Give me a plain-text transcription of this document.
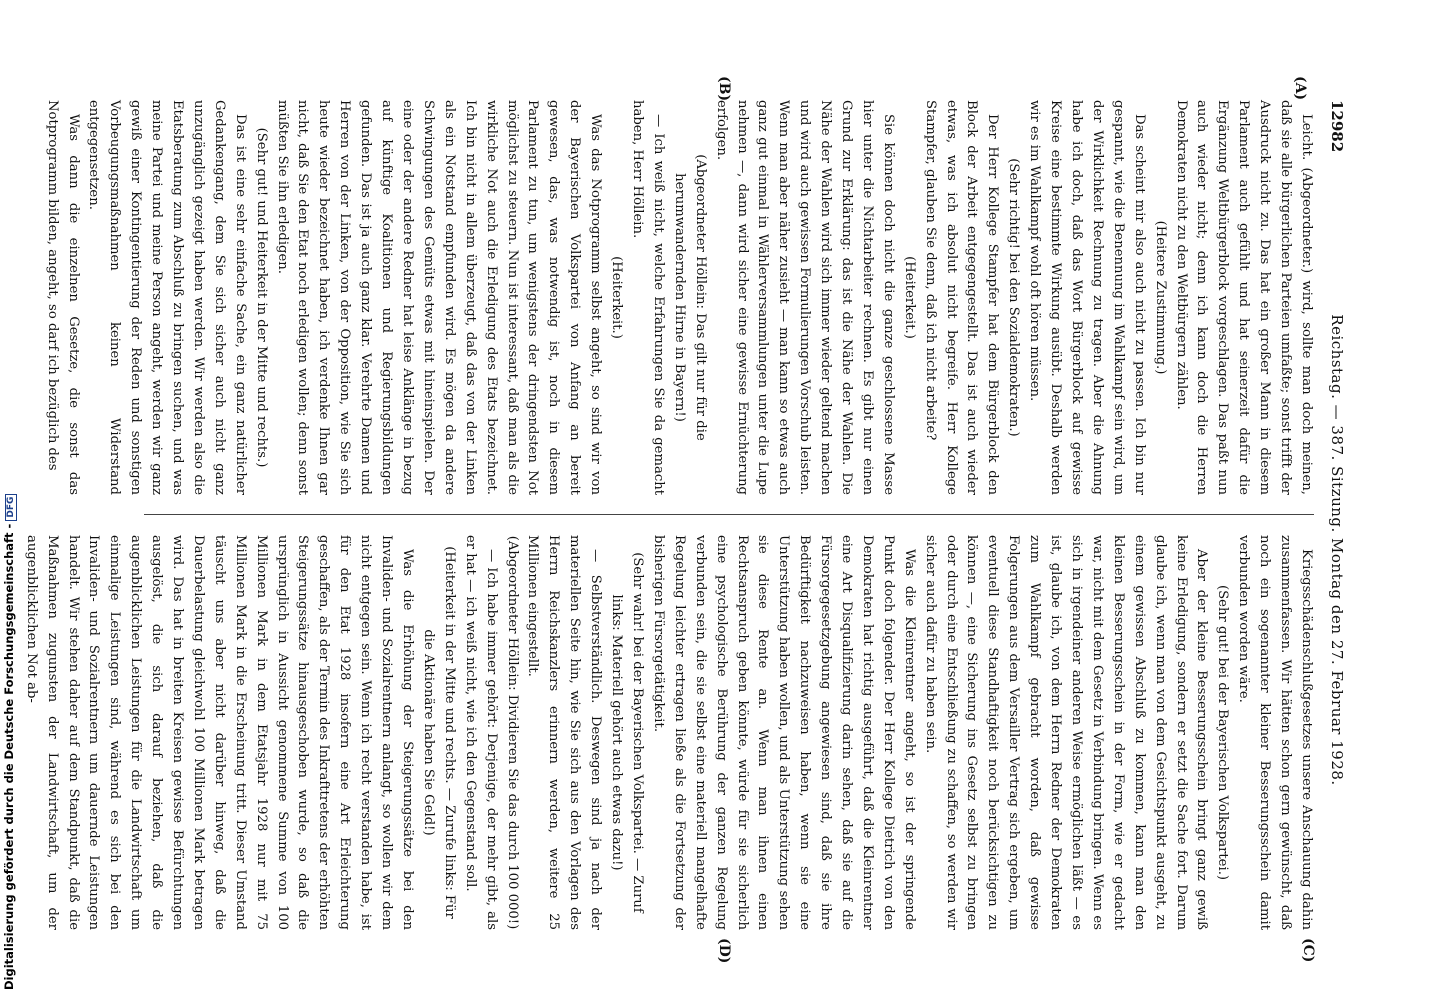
Digitalisierung gefördert durch die Deutsche Forschungsgemeinschaft -DFG
12982
Reichstag. — 387. Sitzung. Montag den 27. Februar 1928.
(A)
(B)
(C)
(D)

Leicht. (Abgeordneter.) wird, sollte man doch meinen, daß sie alle bürgerlichen Parteien umfaßte; sonst trifft der Ausdruck nicht zu. Das hat ein großer Mann in diesem Parlament auch gefühlt und hat seinerzeit dafür die Ergänzung Weltbürgerblock vorgeschlagen. Das paßt nun auch wieder nicht; denn ich kann doch die Herren Demokraten nicht zu den Weltbürgern zählen.

(Heitere Zustimmung.)

Das scheint mir also auch nicht zu passen. Ich bin nur gespannt, wie die Benennung im Wahlkampf sein wird, um der Wirklichkeit Rechnung zu tragen. Aber die Ahnung habe ich doch, daß das Wort Bürgerblock auf gewisse Kreise eine bestimmte Wirkung ausübt. Deshalb werden wir es im Wahlkampf wohl oft hören müssen.

(Sehr richtig! bei den Sozialdemokraten.)

Der Herr Kollege Stampfer hat dem Bürgerblock den Block der Arbeit entgegengestellt. Das ist auch wieder etwas, was ich absolut nicht begreife. Herr Kollege Stampfer, glauben Sie denn, daß ich nicht arbeite?

(Heiterkeit.)

Sie können doch nicht die ganze geschlossene Masse hier unter die Nichtarbeiter rechnen. Es gibt nur einen Grund zur Erklärung: das ist die Nähe der Wahlen. Die Nähe der Wahlen wird sich immer wieder geltend machen und wird auch gewissen Formulierungen Vorschub leisten. Wenn man aber näher zusieht — man kann so etwas auch ganz gut einmal in Wählerversammlungen unter die Lupe nehmen —, dann wird sicher eine gewisse Ernüchterung erfolgen.

(Abgeordneter Höllein: Das gilt nur für die herumwandernden Hirne in Bayern!)

— Ich weiß nicht, welche Erfahrungen Sie da gemacht haben, Herr Höllein.

(Heiterkeit.)

Was das Notprogramm selbst angeht, so sind wir von der Bayerischen Volkspartei von Anfang an bereit gewesen, das, was notwendig ist, noch in diesem Parlament zu tun, um wenigstens der dringendsten Not möglichst zu steuern. Nun ist interessant, daß man als die wirkliche Not auch die Erledigung des Etats bezeichnet. Ich bin nicht in allem überzeugt, daß das von der Linken als ein Notstand empfunden wird. Es mögen da andere Schwingungen des Gemüts etwas mit hineinspielen. Der eine oder der andere Redner hat leise Anklänge in bezug auf künftige Koalitionen und Regierungsbildungen gefunden. Das ist ja auch ganz klar. Verehrte Damen und Herren von der Linken, von der Opposition, wie Sie sich heute wieder bezeichnet haben, ich verdenke Ihnen gar nicht, daß Sie den Etat noch erledigen wollen; denn sonst müßten Sie ihn erledigen.

(Sehr gut! und Heiterkeit in der Mitte und rechts.)

Das ist eine sehr einfache Sache, ein ganz natürlicher Gedankengang, dem Sie sich sicher auch nicht ganz unzugänglich gezeigt haben werden. Wir werden also die Etatsberatung zum Abschluß zu bringen suchen, und was meine Partei und meine Person angeht, werden wir ganz gewiß einer Kontingentierung der Reden und sonstigen Vorbeugungsmaßnahmen keinen Widerstand entgegensetzen.

Was dann die einzelnen Gesetze, die sonst das Notprogramm bilden, angeht, so darf ich bezüglich des

Kriegsschädenschlußgesetzes unsere Anschauung dahin zusammenfassen. Wir hätten schon gern gewünscht, daß noch ein sogenannter kleiner Besserungsschein damit verbunden worden wäre.

(Sehr gut! bei der Bayerischen Volkspartei.)

Aber der kleine Besserungsschein bringt ganz gewiß keine Erledigung, sondern er setzt die Sache fort. Darum glaube ich, wenn man von dem Gesichtspunkt ausgeht, zu einem gewissen Abschluß zu kommen, kann man den kleinen Besserungsschein in der Form, wie er gedacht war, nicht mit dem Gesetz in Verbindung bringen. Wenn es sich in irgendeiner anderen Weise ermöglichen läßt — es ist, glaube ich, von dem Herrn Redner der Demokraten zum Wahlkampf gebracht worden, daß gewisse Folgerungen aus dem Versailler Vertrag sich ergeben, um eventuell diese Standhaftigkeit noch berücksichtigen zu können —, eine Sicherung ins Gesetz selbst zu bringen oder durch eine Entschließung zu schaffen, so werden wir sicher auch dafür zu haben sein.

Was die Kleinrentner angeht, so ist der springende Punkt doch folgender. Der Herr Kollege Dietrich von den Demokraten hat richtig ausgeführt, daß die Kleinrentner eine Art Disqualifizierung darin sehen, daß sie auf die Fürsorgegesetzgebung angewiesen sind, daß sie ihre Bedürftigkeit nachzuweisen haben, wenn sie eine Unterstützung haben wollen, und als Unterstützung sehen sie diese Rente an. Wenn man ihnen einen Rechtsanspruch geben könnte, würde für sie sicherlich eine psychologische Berührung der ganzen Regelung verbunden sein, die sie selbst eine materiell mangelhafte Regelung leichter ertragen ließe als die Fortsetzung der bisherigen Fürsorgetätigkeit.

(Sehr wahr! bei der Bayerischen Volkspartei. — Zuruf links: Materiell gehört auch etwas dazu!)

— Selbstverständlich. Deswegen sind ja nach der materiellen Seite hin, wie Sie sich aus den Vorlagen des Herrn Reichskanzlers erinnern werden, weitere 25 Millionen eingestellt.

(Abgeordneter Höllein: Dividieren Sie das durch 100 000!)

— Ich habe immer gehört: Derjenige, der mehr gibt, als er hat — ich weiß nicht, wie ich den Gegenstand soll.

(Heiterkeit in der Mitte und rechts. — Zurufe links: Für die Aktionäre haben Sie Geld!)

Was die Erhöhung der Steigerungssätze bei den Invaliden- und Sozialrentnern anlangt, so wollen wir dem nicht entgegen sein. Wenn ich recht verstanden habe, ist für den Etat 1928 insofern eine Art Erleichterung geschaffen, als der Termin des Inkrafttretens der erhöhten Steigerungssätze hinausgeschoben wurde, so daß die ursprünglich in Aussicht genommene Summe von 100 Millionen Mark in dem Etatsjahr 1928 nur mit 75 Millionen Mark in die Erscheinung tritt. Dieser Umstand täuscht uns aber nicht darüber hinweg, daß die Dauerbelastung gleichwohl 100 Millionen Mark betragen wird. Das hat in breiten Kreisen gewisse Befürchtungen ausgelöst, die sich darauf beziehen, daß die augenblicklichen Leistungen für die Landwirtschaft um einmalige Leistungen sind, während es sich bei den Invaliden- und Sozialrentnern um dauernde Leistungen handelt. Wir stehen daher auf dem Standpunkt, daß die Maßnahmen zugunsten der Landwirtschaft, um der augenblicklichen Not ab-
